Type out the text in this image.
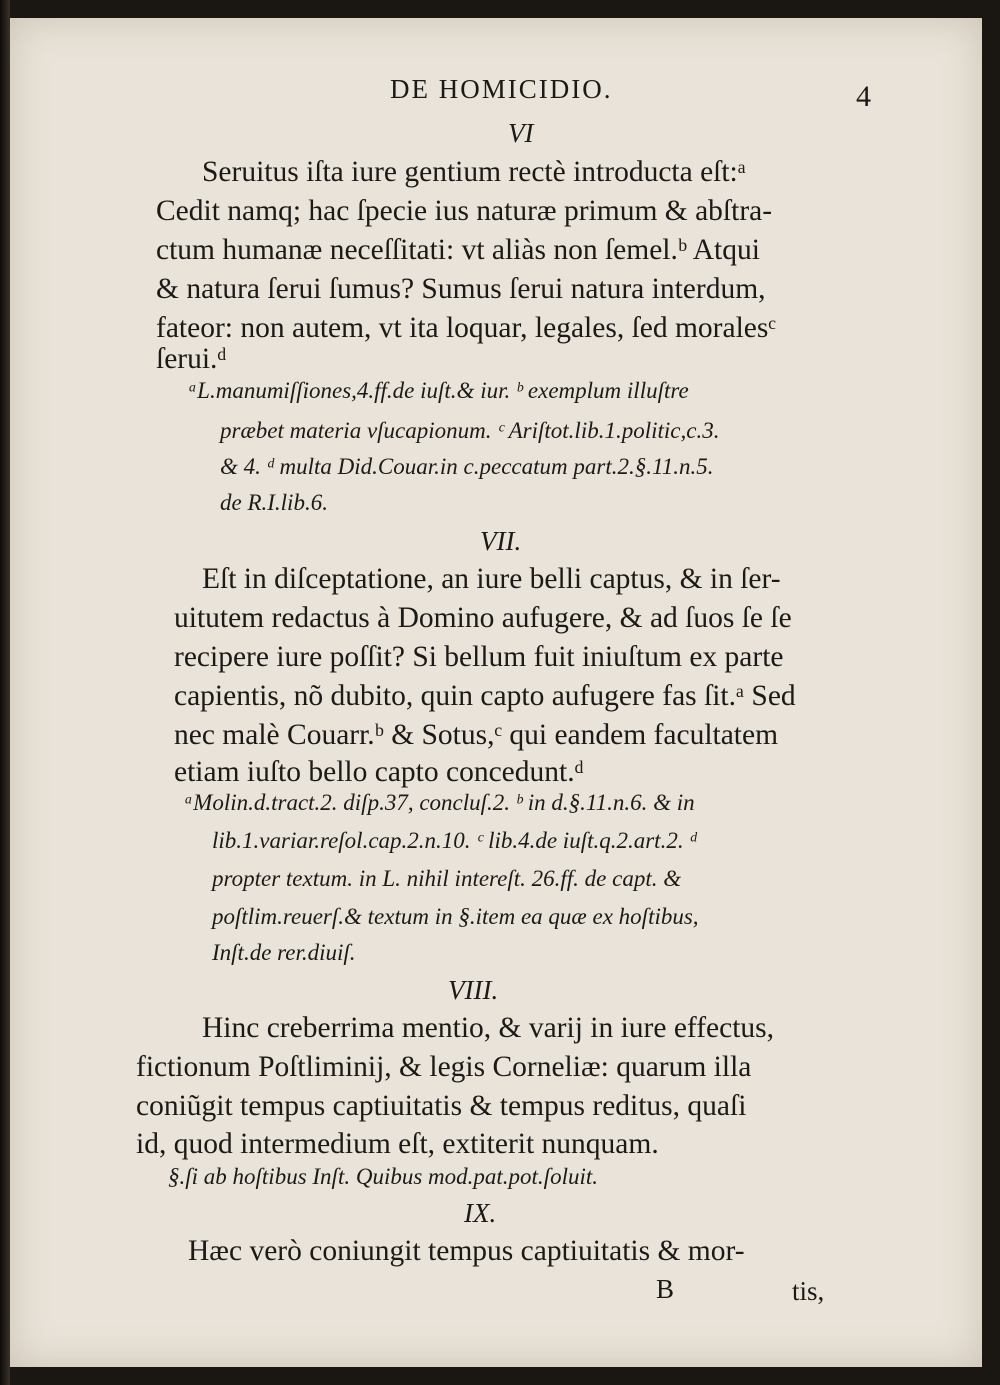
DE HOMICIDIO.	4
VI
Seruitus iſta iure gentium rectè introducta eſt:ᵃ
Cedit namq; hac ſpecie ius naturæ primum & abſtra-
ctum humanæ neceſſitati: vt aliàs non ſemel.ᵇ Atqui
& natura ſerui ſumus? Sumus ſerui natura interdum,
fateor: non autem, vt ita loquar, legales, ſed moralesᶜ
ſerui.ᵈ
ᵃL.manumiſſiones,4.ff.de iuſt.& iur. ᵇ exemplum illuſtre
præbet materia vſucapionum. ᶜ Ariſtot.lib.1.politic,c.3.
& 4. ᵈ multa Did.Couar.in c.peccatum part.2.§.11.n.5.
de R.I.lib.6.
VII.
Eſt in diſceptatione, an iure belli captus, & in ſer-
uitutem redactus à Domino aufugere, & ad ſuos ſe ſe
recipere iure poſſit? Si bellum fuit iniuſtum ex parte
capientis, nõ dubito, quin capto aufugere fas ſit.ᵃ Sed
nec malè Couarr.ᵇ & Sotus,ᶜ qui eandem facultatem
etiam iuſto bello capto concedunt.ᵈ
ᵃMolin.d.tract.2. diſp.37, concluſ.2. ᵇ in d.§.11.n.6. & in
lib.1.variar.reſol.cap.2.n.10. ᶜ lib.4.de iuſt.q.2.art.2. ᵈ
propter textum. in L. nihil intereſt. 26.ff. de capt. &
poſtlim.reuerſ.& textum in §.item ea quæ ex hoſtibus,
Inſt.de rer.diuiſ.
VIII.
Hinc creberrima mentio, & varij in iure effectus,
fictionum Poſtliminij, & legis Corneliæ: quarum illa
coniũgit tempus captiuitatis & tempus reditus, quaſi
id, quod intermedium eſt, extiterit nunquam.
§.ſi ab hoſtibus Inſt. Quibus mod.pat.pot.ſoluit.
IX.
Hæc verò coniungit tempus captiuitatis & mor-
B	tis,
